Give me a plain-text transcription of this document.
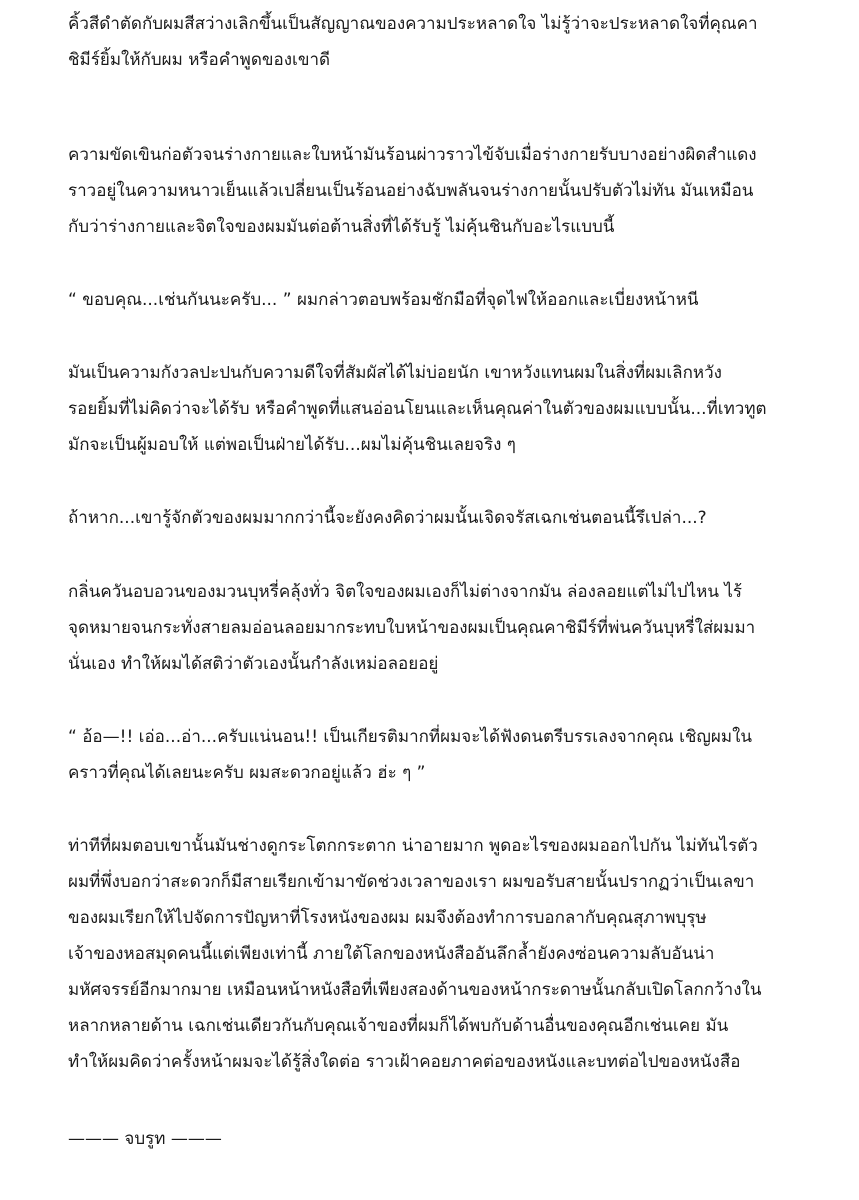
คิ้วสีดำตัดกับผมสีสว่างเลิกขึ้นเป็นสัญญาณของความประหลาดใจ ไม่รู้ว่าจะประหลาดใจที่คุณคา
ชิมีร์ยิ้มให้กับผม หรือคำพูดของเขาดี
ความขัดเขินก่อตัวจนร่างกายและใบหน้ามันร้อนผ่าวราวไข้จับเมื่อร่างกายรับบางอย่างผิดสำแดง
ราวอยู่ในความหนาวเย็นแล้วเปลี่ยนเป็นร้อนอย่างฉับพลันจนร่างกายนั้นปรับตัวไม่ทัน มันเหมือน
กับว่าร่างกายและจิตใจของผมมันต่อต้านสิ่งที่ได้รับรู้ ไม่คุ้นชินกับอะไรแบบนี้
“ ขอบคุณ...เช่นกันนะครับ... ” ผมกล่าวตอบพร้อมชักมือที่จุดไฟให้ออกและเบี่ยงหน้าหนี
มันเป็นความกังวลปะปนกับความดีใจที่สัมผัสได้ไม่บ่อยนัก เขาหวังแทนผมในสิ่งที่ผมเลิกหวัง
รอยยิ้มที่ไม่คิดว่าจะได้รับ หรือคำพูดที่แสนอ่อนโยนและเห็นคุณค่าในตัวของผมแบบนั้น...ที่เทวทูต
มักจะเป็นผู้มอบให้ แต่พอเป็นฝ่ายได้รับ...ผมไม่คุ้นชินเลยจริง ๆ
ถ้าหาก...เขารู้จักตัวของผมมากกว่านี้จะยังคงคิดว่าผมนั้นเจิดจรัสเฉกเช่นตอนนี้รึเปล่า...?
กลิ่นควันอบอวนของมวนบุหรี่คลุ้งทั่ว จิตใจของผมเองก็ไม่ต่างจากมัน ล่องลอยแต่ไม่ไปไหน ไร้
จุดหมายจนกระทั่งสายลมอ่อนลอยมากระทบใบหน้าของผมเป็นคุณคาชิมีร์ที่พ่นควันบุหรี่ใส่ผมมา
นั่นเอง ทำให้ผมได้สติว่าตัวเองนั้นกำลังเหม่อลอยอยู่
“ อ้อ—!! เอ่อ...อ่า...ครับแน่นอน!! เป็นเกียรติมากที่ผมจะได้ฟังดนตรีบรรเลงจากคุณ เชิญผมใน
คราวที่คุณได้เลยนะครับ ผมสะดวกอยู่แล้ว ฮ่ะ ๆ ”
ท่าทีที่ผมตอบเขานั้นมันช่างดูกระโตกกระตาก น่าอายมาก พูดอะไรของผมออกไปกัน ไม่ทันไรตัว
ผมที่พึ่งบอกว่าสะดวกก็มีสายเรียกเข้ามาขัดช่วงเวลาของเรา ผมขอรับสายนั้นปรากฏว่าเป็นเลขา
ของผมเรียกให้ไปจัดการปัญหาที่โรงหนังของผม ผมจึงต้องทำการบอกลากับคุณสุภาพบุรุษ
เจ้าของหอสมุดคนนี้แต่เพียงเท่านี้ ภายใต้โลกของหนังสืออันลึกล้ำยังคงซ่อนความลับอันน่า
มหัศจรรย์อีกมากมาย เหมือนหน้าหนังสือที่เพียงสองด้านของหน้ากระดาษนั้นกลับเปิดโลกกว้างใน
หลากหลายด้าน เฉกเช่นเดียวกันกับคุณเจ้าของที่ผมก็ได้พบกับด้านอื่นของคุณอีกเช่นเคย มัน
ทำให้ผมคิดว่าครั้งหน้าผมจะได้รู้สิ่งใดต่อ ราวเฝ้าคอยภาคต่อของหนังและบทต่อไปของหนังสือ
——— จบรูท ———
